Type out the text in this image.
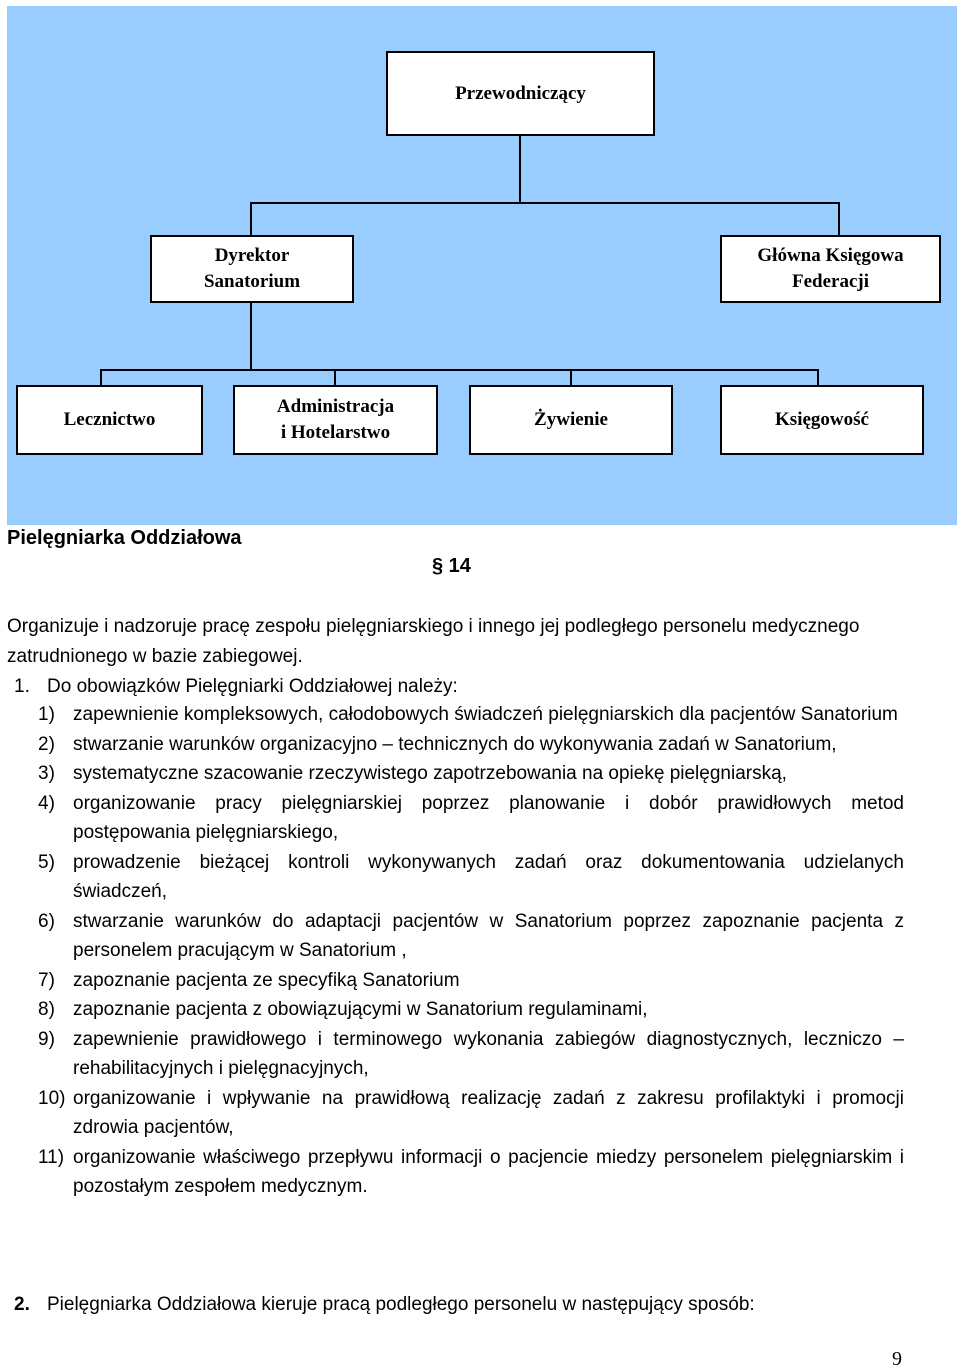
Przewodniczący
Dyrektor
Sanatorium
Główna Księgowa
Federacji
Lecznictwo
Administracja
i Hotelarstwo
Żywienie	Księgowość
Pielęgniarka Oddziałowa
§ 14
Organizuje i nadzoruje pracę zespołu pielęgniarskiego i innego jej podległego personelu medycznego zatrudnionego w bazie zabiegowej.
1. Do obowiązków Pielęgniarki Oddziałowej należy:
1) zapewnienie kompleksowych, całodobowych świadczeń pielęgniarskich dla pacjentów Sanatorium
2) stwarzanie warunków organizacyjno – technicznych do wykonywania zadań w Sanatorium,
3) systematyczne szacowanie rzeczywistego zapotrzebowania na opiekę pielęgniarską,
4) organizowanie pracy pielęgniarskiej poprzez planowanie i dobór prawidłowych metod postępowania pielęgniarskiego,
5) prowadzenie bieżącej kontroli wykonywanych zadań oraz dokumentowania udzielanych świadczeń,
6) stwarzanie warunków do adaptacji pacjentów w Sanatorium poprzez zapoznanie pacjenta z personelem pracującym w Sanatorium ,
7) zapoznanie pacjenta ze specyfiką Sanatorium
8) zapoznanie pacjenta z obowiązującymi w Sanatorium regulaminami,
9) zapewnienie prawidłowego i terminowego wykonania zabiegów diagnostycznych, leczniczo – rehabilitacyjnych i pielęgnacyjnych,
10) organizowanie i wpływanie na prawidłową realizację zadań z zakresu profilaktyki i promocji zdrowia pacjentów,
11) organizowanie właściwego przepływu informacji o pacjencie miedzy personelem pielęgniarskim i pozostałym zespołem medycznym.
2. Pielęgniarka Oddziałowa kieruje pracą podległego personelu w następujący sposób:
9
